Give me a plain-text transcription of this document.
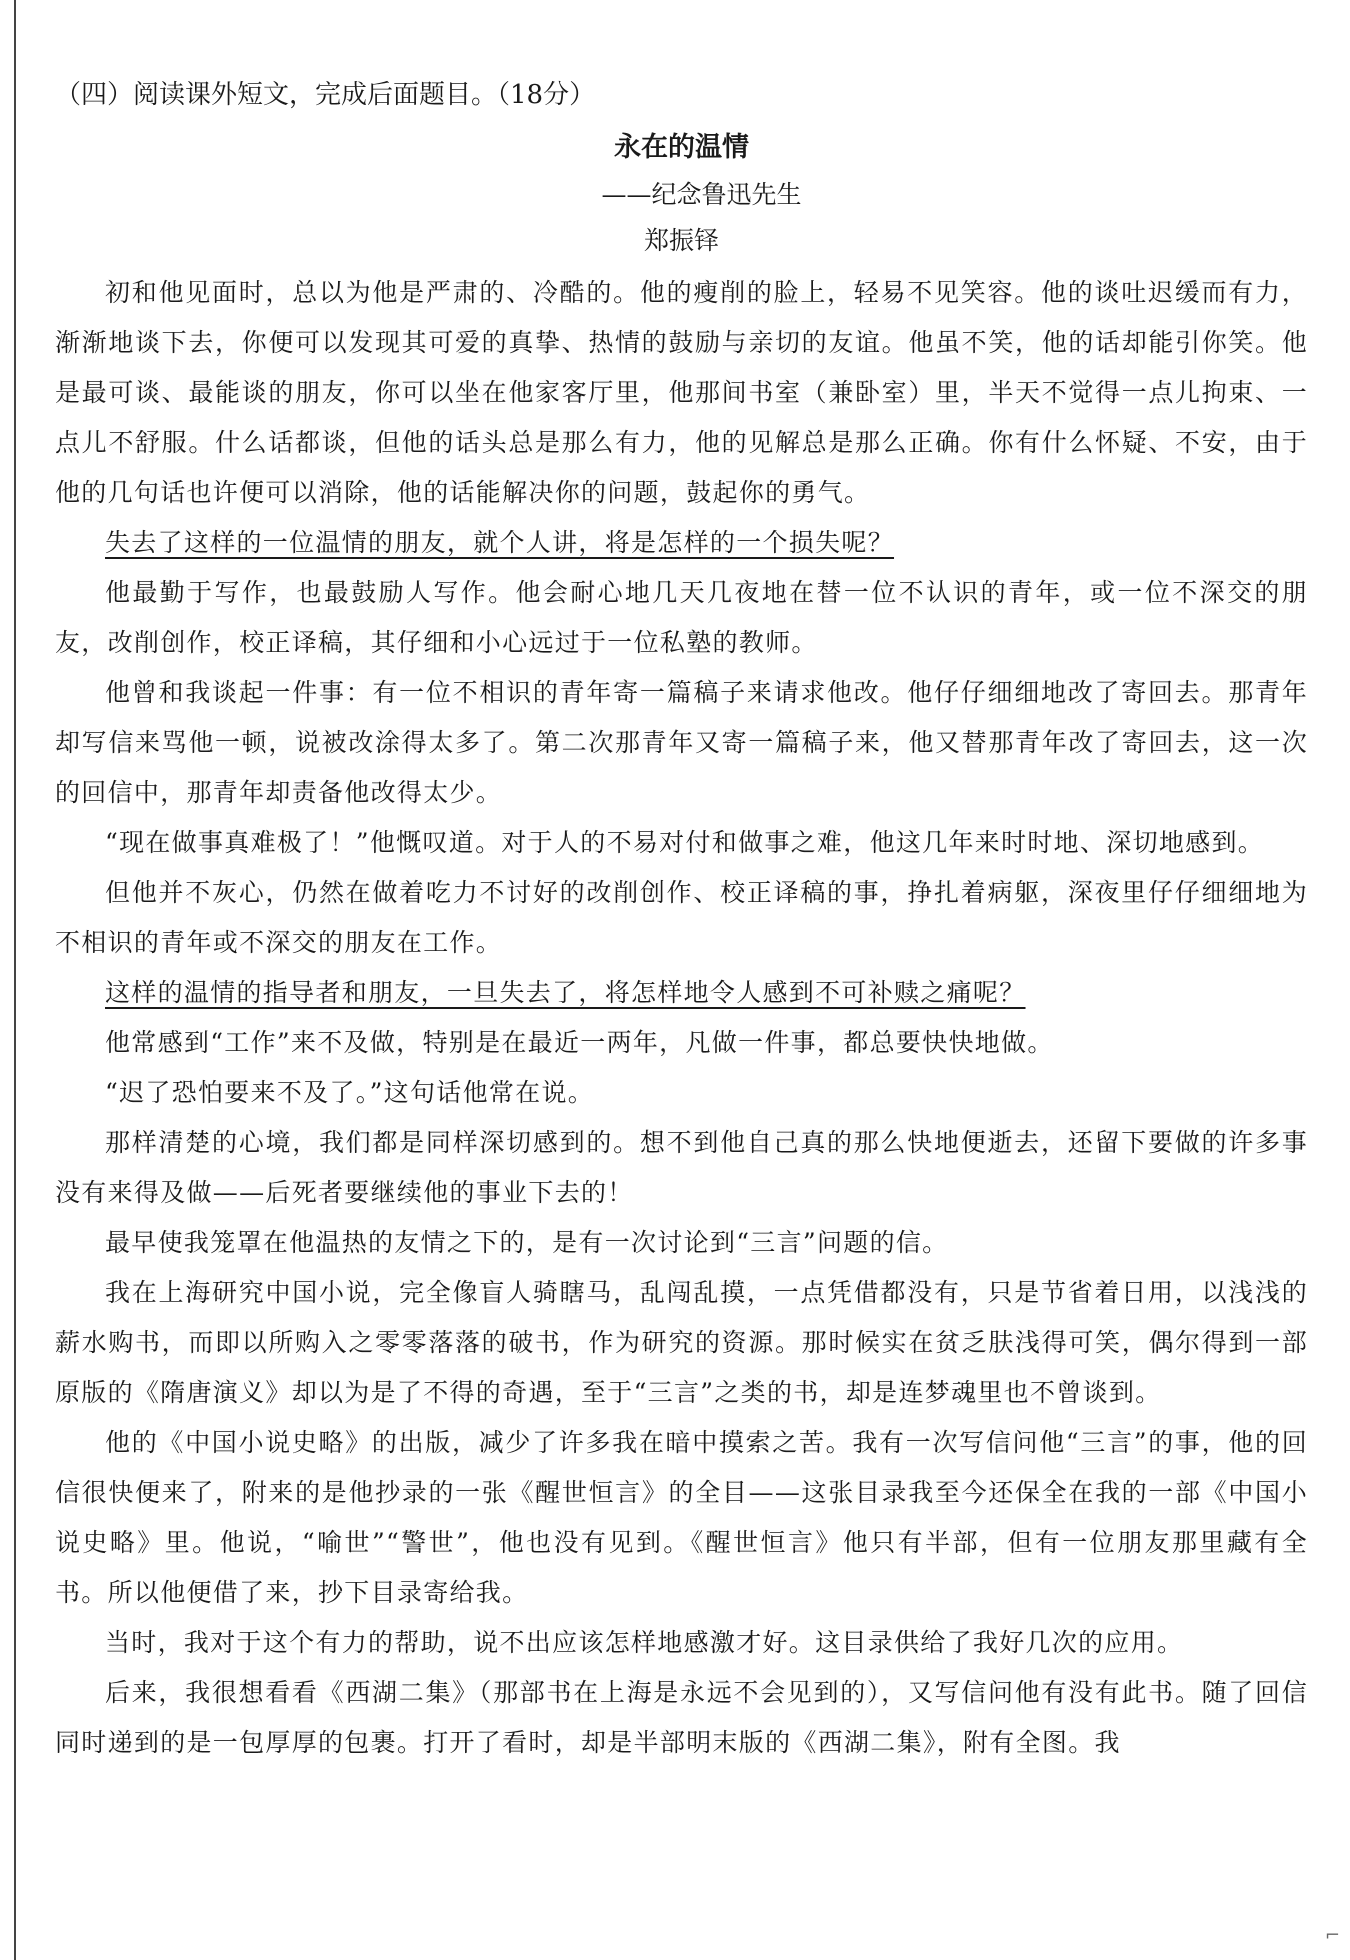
（四）阅读课外短文，完成后面题目。（18分）
永在的温情
——纪念鲁迅先生
郑振铎

初和他见面时，总以为他是严肃的、冷酷的。他的瘦削的脸上，轻易不见笑容。他的谈吐迟缓而有力，渐渐地谈下去，你便可以发现其可爱的真挚、热情的鼓励与亲切的友谊。他虽不笑，他的话却能引你笑。他是最可谈、最能谈的朋友，你可以坐在他家客厅里，他那间书室（兼卧室）里，半天不觉得一点儿拘束、一点儿不舒服。什么话都谈，但他的话头总是那么有力，他的见解总是那么正确。你有什么怀疑、不安，由于他的几句话也许便可以消除，他的话能解决你的问题，鼓起你的勇气。

失去了这样的一位温情的朋友，就个人讲，将是怎样的一个损失呢？

他最勤于写作，也最鼓励人写作。他会耐心地几天几夜地在替一位不认识的青年，或一位不深交的朋友，改削创作，校正译稿，其仔细和小心远过于一位私塾的教师。

他曾和我谈起一件事：有一位不相识的青年寄一篇稿子来请求他改。他仔仔细细地改了寄回去。那青年却写信来骂他一顿，说被改涂得太多了。第二次那青年又寄一篇稿子来，他又替那青年改了寄回去，这一次的回信中，那青年却责备他改得太少。

“现在做事真难极了！”他慨叹道。对于人的不易对付和做事之难，他这几年来时时地、深切地感到。

但他并不灰心，仍然在做着吃力不讨好的改削创作、校正译稿的事，挣扎着病躯，深夜里仔仔细细地为不相识的青年或不深交的朋友在工作。

这样的温情的指导者和朋友，一旦失去了，将怎样地令人感到不可补赎之痛呢？

他常感到“工作”来不及做，特别是在最近一两年，凡做一件事，都总要快快地做。

“迟了恐怕要来不及了。”这句话他常在说。

那样清楚的心境，我们都是同样深切感到的。想不到他自己真的那么快地便逝去，还留下要做的许多事没有来得及做——后死者要继续他的事业下去的！

最早使我笼罩在他温热的友情之下的，是有一次讨论到“三言”问题的信。

我在上海研究中国小说，完全像盲人骑瞎马，乱闯乱摸，一点凭借都没有，只是节省着日用，以浅浅的薪水购书，而即以所购入之零零落落的破书，作为研究的资源。那时候实在贫乏肤浅得可笑，偶尔得到一部原版的《隋唐演义》却以为是了不得的奇遇，至于“三言”之类的书，却是连梦魂里也不曾谈到。

他的《中国小说史略》的出版，减少了许多我在暗中摸索之苦。我有一次写信问他“三言”的事，他的回信很快便来了，附来的是他抄录的一张《醒世恒言》的全目——这张目录我至今还保全在我的一部《中国小说史略》里。他说，“喻世”“警世”，他也没有见到。《醒世恒言》他只有半部，但有一位朋友那里藏有全书。所以他便借了来，抄下目录寄给我。

当时，我对于这个有力的帮助，说不出应该怎样地感激才好。这目录供给了我好几次的应用。

后来，我很想看看《西湖二集》（那部书在上海是永远不会见到的），又写信问他有没有此书。随了回信同时递到的是一包厚厚的包裹。打开了看时，却是半部明末版的《西湖二集》，附有全图。我

⌐
